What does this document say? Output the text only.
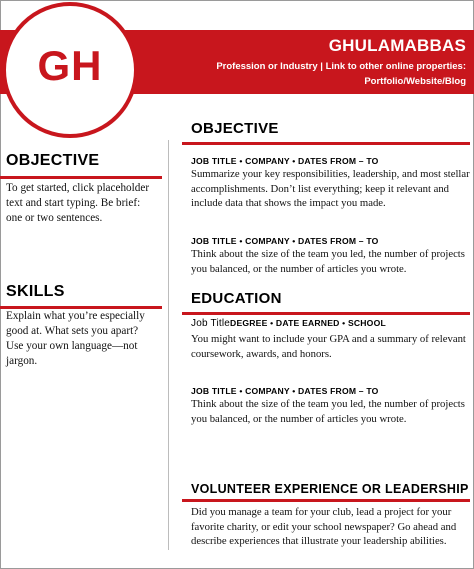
GHULAMABBAS
Profession or Industry | Link to other online properties:
Portfolio/Website/Blog
GH
OBJECTIVE
To get started, click placeholder text and start typing. Be brief: one or two sentences.
SKILLS
Explain what you’re especially good at. What sets you apart? Use your own language—not jargon.
OBJECTIVE
JOB TITLE • COMPANY • DATES FROM – TO
Summarize your key responsibilities, leadership, and most stellar accomplishments. Don’t list everything; keep it relevant and include data that shows the impact you made.
JOB TITLE • COMPANY • DATES FROM – TO
Think about the size of the team you led, the number of projects you balanced, or the number of articles you wrote.
EDUCATION
Job TitleDEGREE • DATE EARNED • SCHOOL
You might want to include your GPA and a summary of relevant coursework, awards, and honors.
JOB TITLE • COMPANY • DATES FROM – TO
Think about the size of the team you led, the number of projects you balanced, or the number of articles you wrote.
VOLUNTEER EXPERIENCE OR LEADERSHIP
Did you manage a team for your club, lead a project for your favorite charity, or edit your school newspaper? Go ahead and describe experiences that illustrate your leadership abilities.
